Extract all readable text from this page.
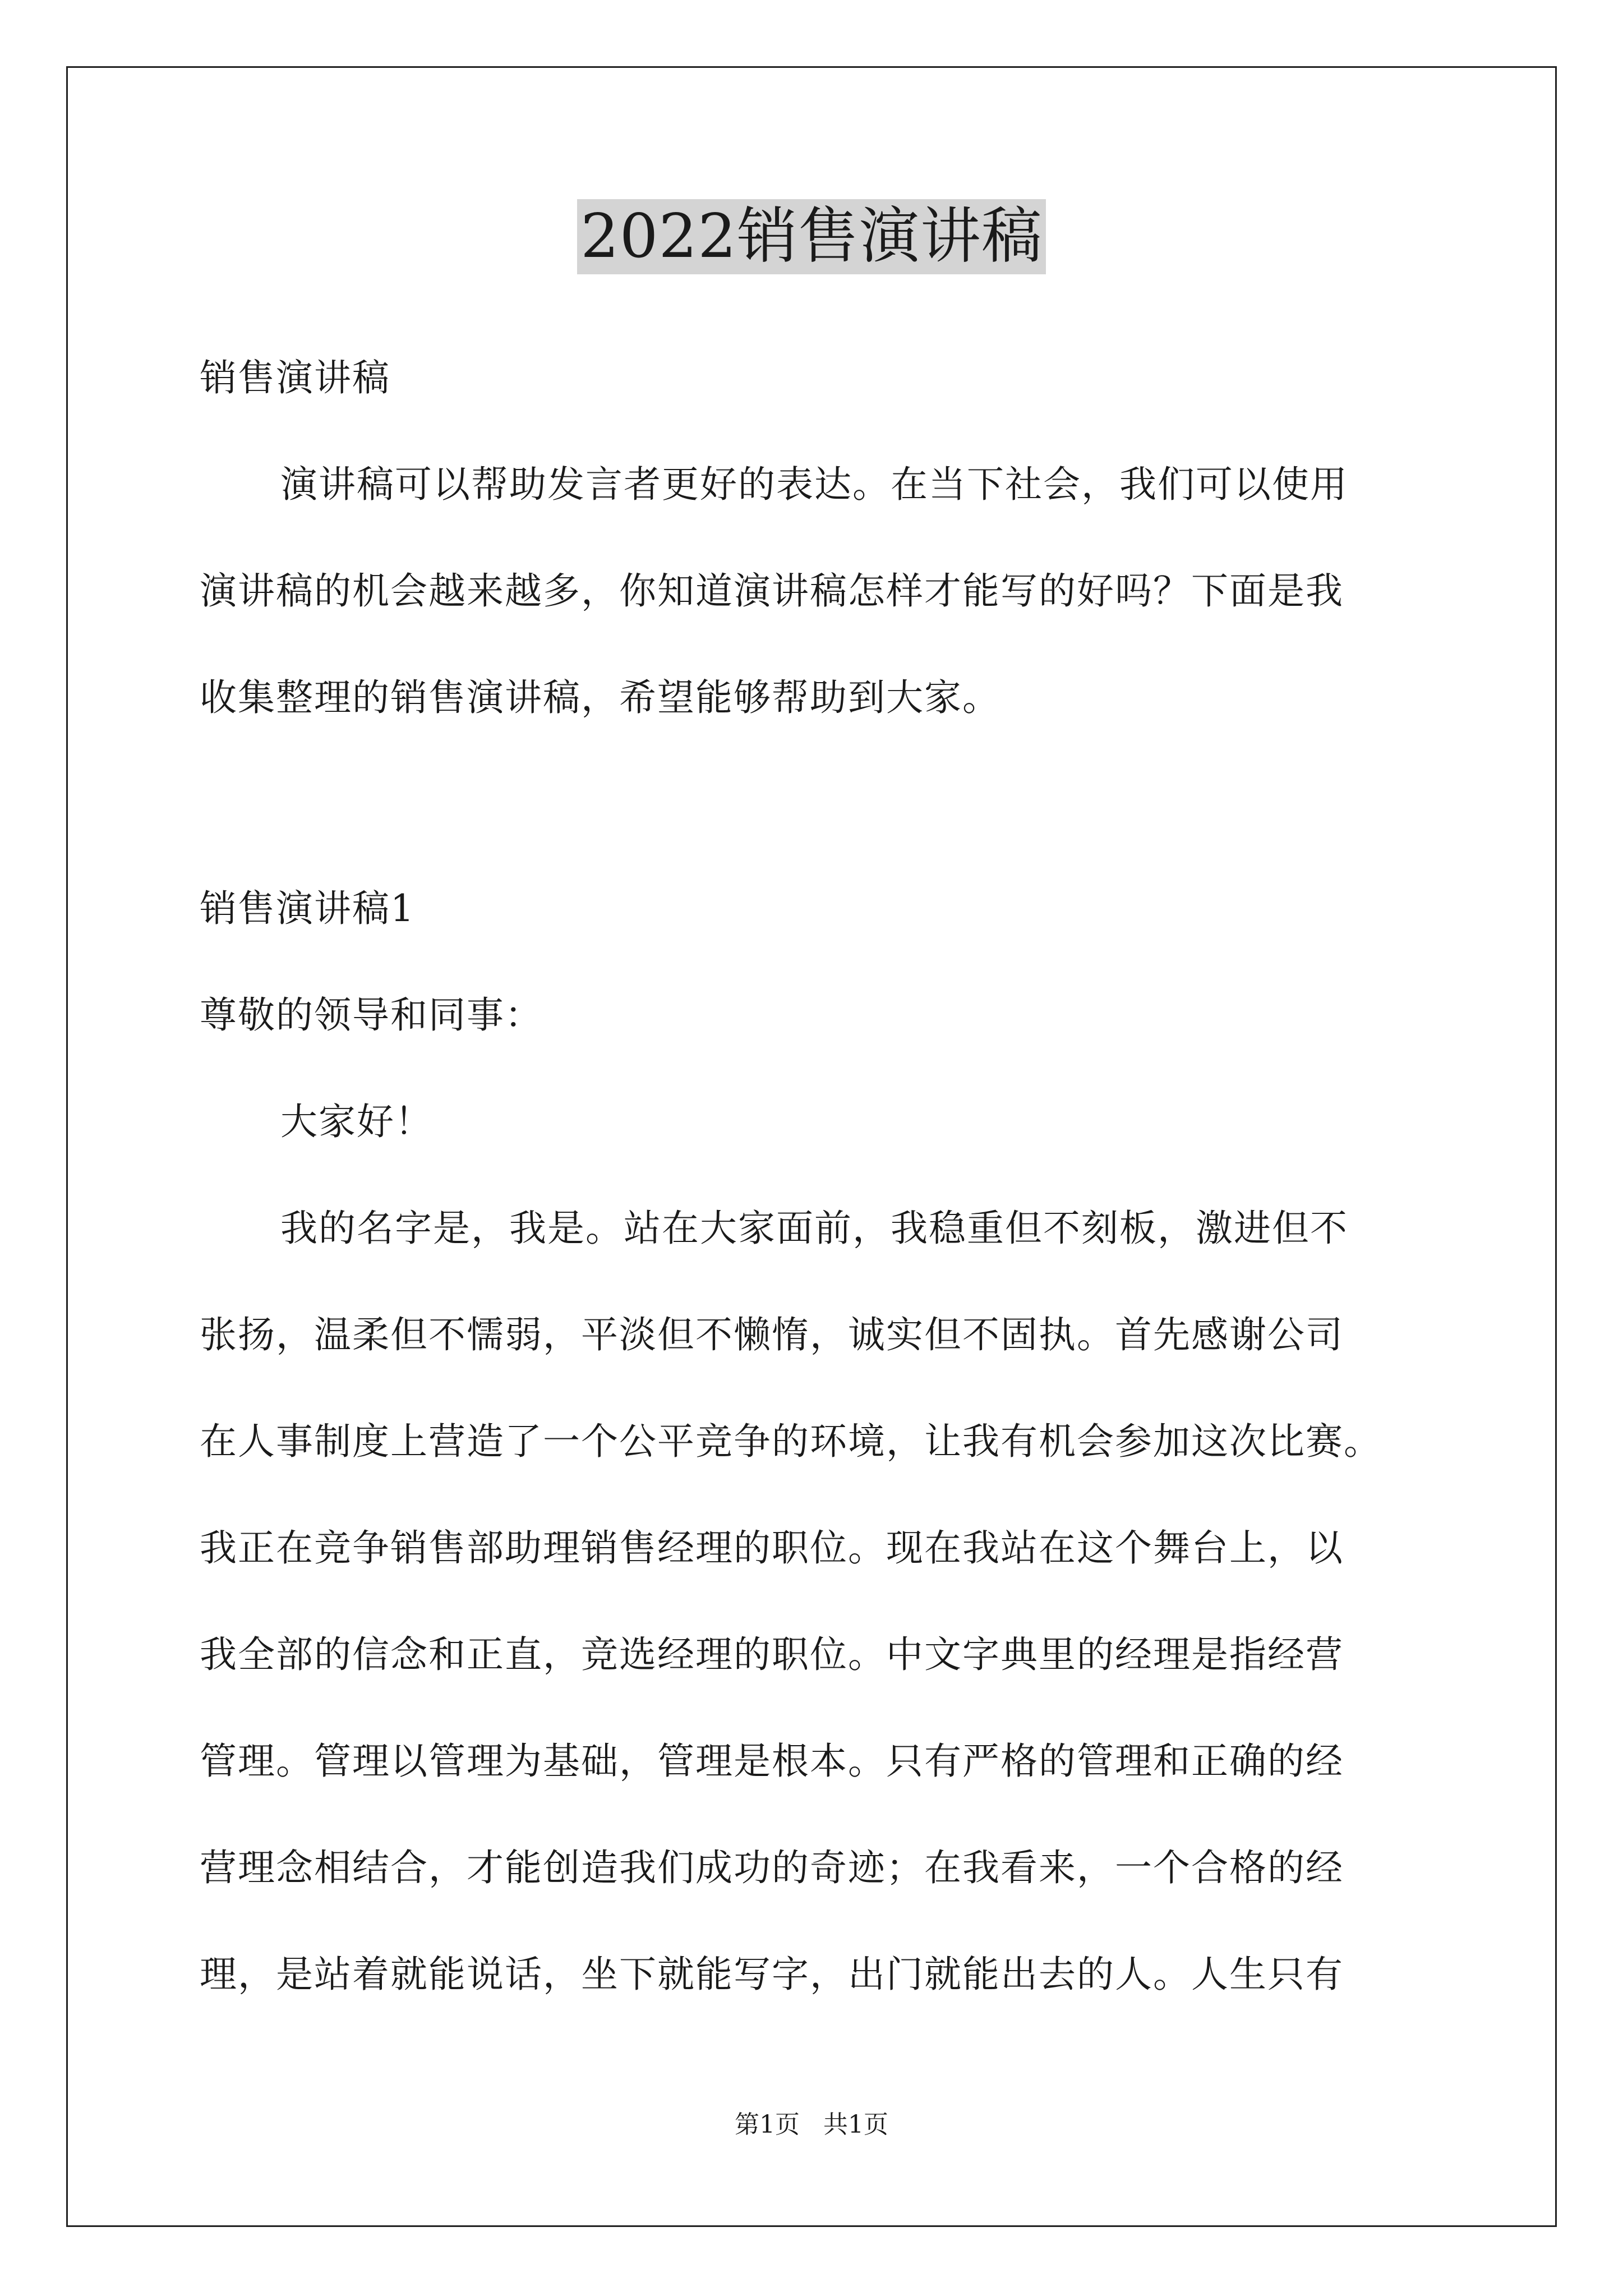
2022销售演讲稿
销售演讲稿
演讲稿可以帮助发言者更好的表达。在当下社会，我们可以使用
演讲稿的机会越来越多，你知道演讲稿怎样才能写的好吗？下面是我
收集整理的销售演讲稿，希望能够帮助到大家。
销售演讲稿1
尊敬的领导和同事：
大家好！
我的名字是，我是。站在大家面前，我稳重但不刻板，激进但不
张扬，温柔但不懦弱，平淡但不懒惰，诚实但不固执。首先感谢公司
在人事制度上营造了一个公平竞争的环境，让我有机会参加这次比赛。
我正在竞争销售部助理销售经理的职位。现在我站在这个舞台上，以
我全部的信念和正直，竞选经理的职位。中文字典里的经理是指经营
管理。管理以管理为基础，管理是根本。只有严格的管理和正确的经
营理念相结合，才能创造我们成功的奇迹；在我看来，一个合格的经
理，是站着就能说话，坐下就能写字，出门就能出去的人。人生只有
第1页 共1页
